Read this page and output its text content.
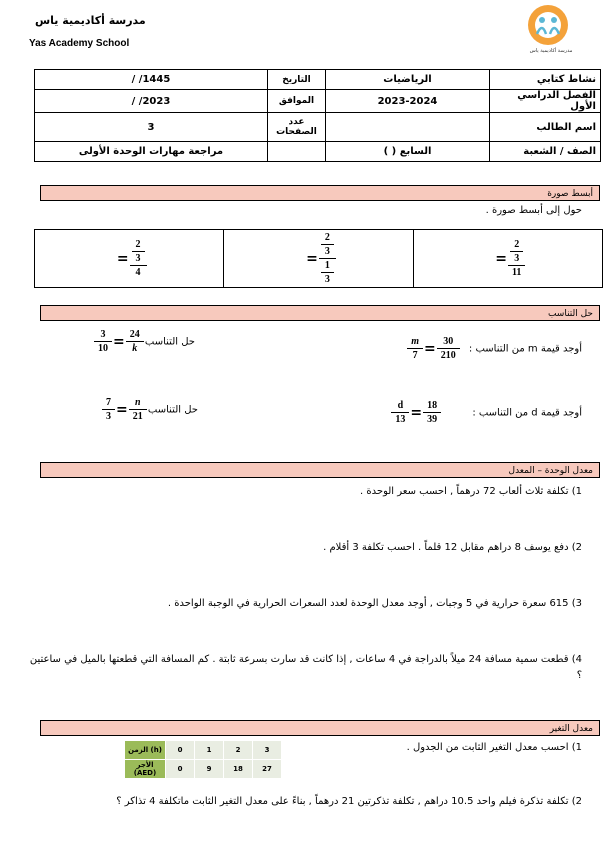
مدرسة أكاديمية ياس
Yas Academy School
مدرسة أكاديمية ياس
نشاط كتابي	الرياضيات	التاريخ	1445/ /
الفصل الدراسي الأول	2023-2024	الموافق	2023/ /
اسم الطالب		عدد الصفحات	3
الصف / الشعبة	السابع ( )		مراجعة مهارات الوحدة الأولى
أبسط صورة
حول إلى أبسط صورة .
$\frac{\frac{2}{3}}{11}$
=
$\frac{\frac{2}{3}}{\frac{1}{3}}$
=
$\frac{\frac{2}{3}}{4}$
=
حل التناسب
أوجد قيمة m من التناسب :
$\frac{m}{7} = \frac{30}{210}$
حل التناسب
$\frac{3}{10} = \frac{24}{k}$
أوجد قيمة d من التناسب :
$\frac{d}{13} = \frac{18}{39}$
حل التناسب
$\frac{7}{3} = \frac{n}{21}$
معدل الوحدة – المعدل
1) تكلفة ثلاث ألعاب 72 درهماً , احسب سعر الوحدة .
2) دفع يوسف 8 دراهم مقابل 12 قلماً . احسب تكلفة 3 أقلام .
3) 615 سعرة حرارية في 5 وجبات , أوجد معدل الوحدة لعدد السعرات الحرارية في الوجبة الواحدة .
4) قطعت سمية مسافة 24 ميلاً بالدراجة في 4 ساعات , إذا كانت قد سارت بسرعة ثابتة . كم المسافة التي قطعتها بالميل في ساعتين ؟
معدل التغير
1) احسب معدل التغير الثابت من الجدول .
الزمن (h)	0	1	2	3
الأجر (AED)	0	9	18	27
2) تكلفة تذكرة فيلم واحد 10.5 دراهم , تكلفة تذكرتين 21 درهماً , بناءً على معدل التغير الثابت ماتكلفة 4 تذاكر ؟
